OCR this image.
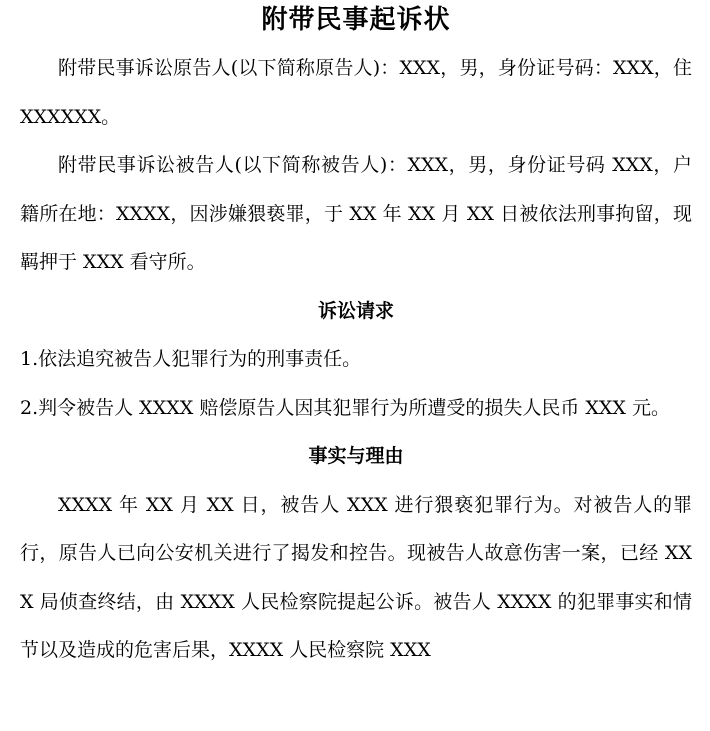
附带民事起诉状

附带民事诉讼原告人(以下简称原告人)：XXX，男，身份证号码：XXX，住 XXXXXX。

附带民事诉讼被告人(以下简称被告人)：XXX，男，身份证号码 XXX，户籍所在地：XXXX，因涉嫌猥亵罪，于 XX 年 XX 月 XX 日被依法刑事拘留，现羁押于 XXX 看守所。

诉讼请求

1.依法追究被告人犯罪行为的刑事责任。

2.判令被告人 XXXX 赔偿原告人因其犯罪行为所遭受的损失人民币 XXX 元。

事实与理由

XXXX 年 XX 月 XX 日，被告人 XXX 进行猥亵犯罪行为。对被告人的罪行，原告人已向公安机关进行了揭发和控告。现被告人故意伤害一案，已经 XXX 局侦查终结，由 XXXX 人民检察院提起公诉。被告人 XXXX 的犯罪事实和情节以及造成的危害后果，XXXX 人民检察院 XXX
